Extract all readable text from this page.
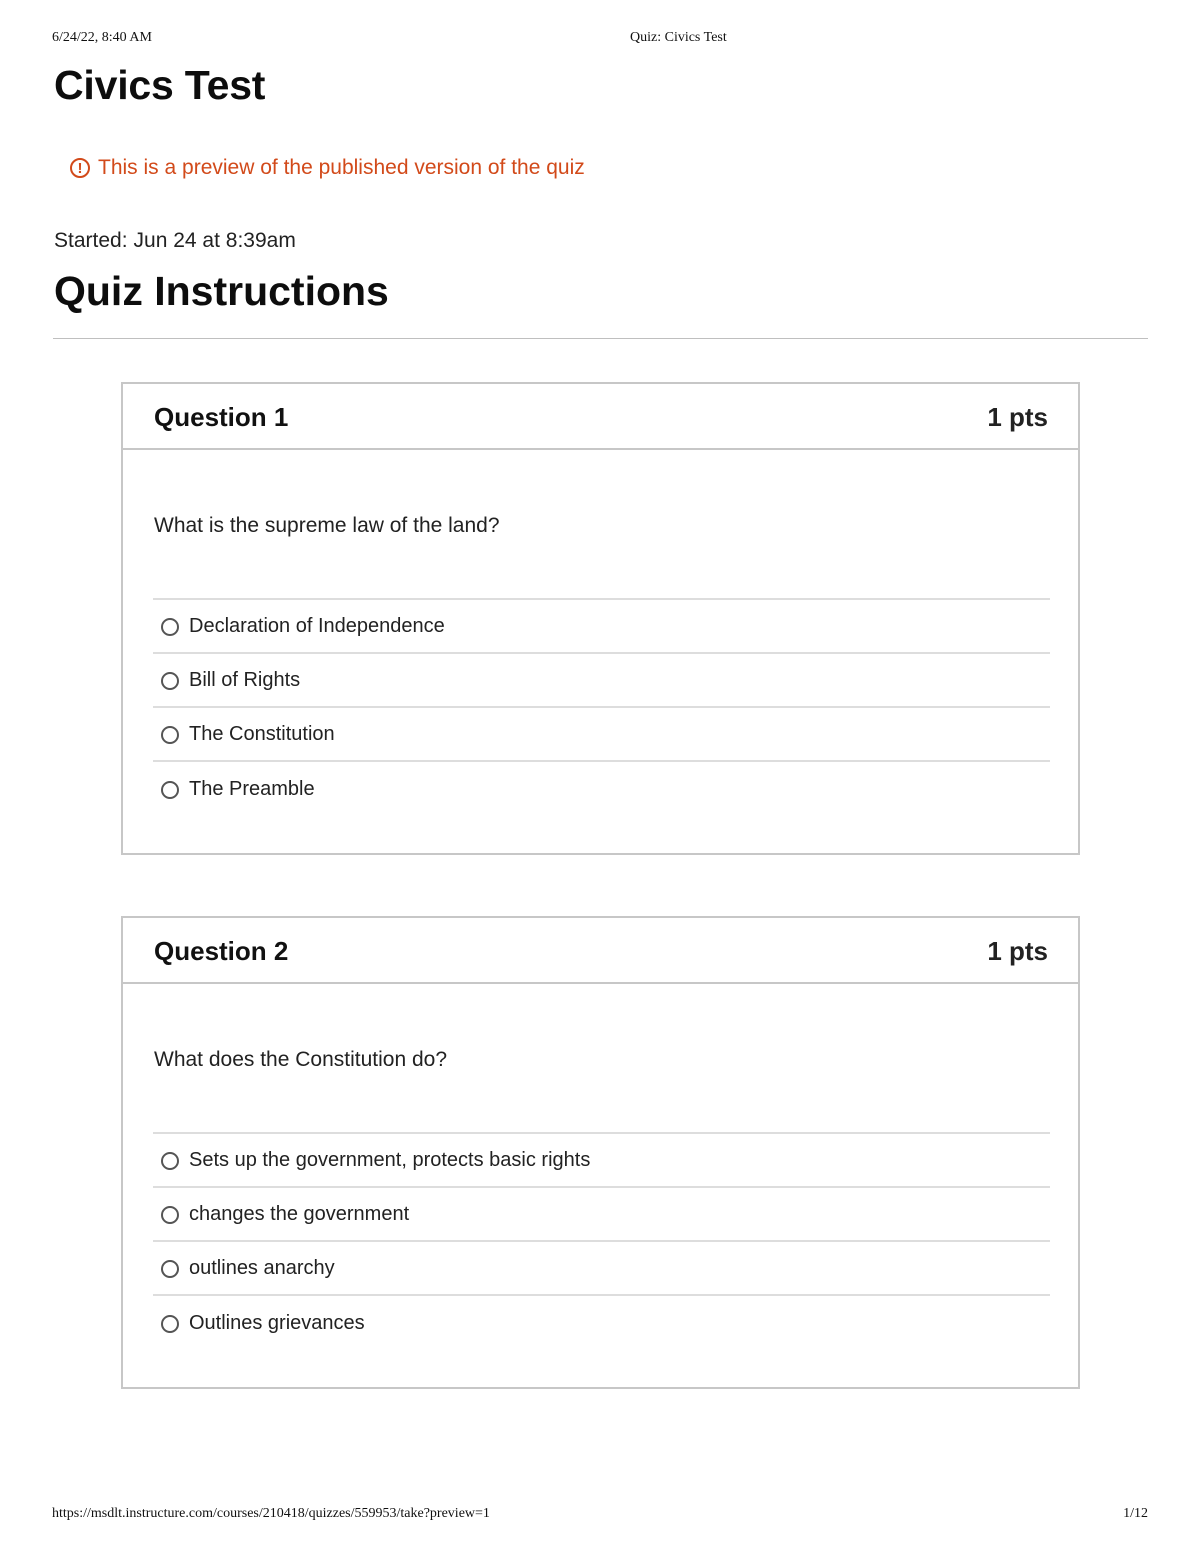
6/24/22, 8:40 AM	Quiz: Civics Test
Civics Test
! This is a preview of the published version of the quiz
Started: Jun 24 at 8:39am
Quiz Instructions
Question 1	1 pts
What is the supreme law of the land?
Declaration of Independence
Bill of Rights
The Constitution
The Preamble
Question 2	1 pts
What does the Constitution do?
Sets up the government, protects basic rights
changes the government
outlines anarchy
Outlines grievances
https://msdlt.instructure.com/courses/210418/quizzes/559953/take?preview=1	1/12
